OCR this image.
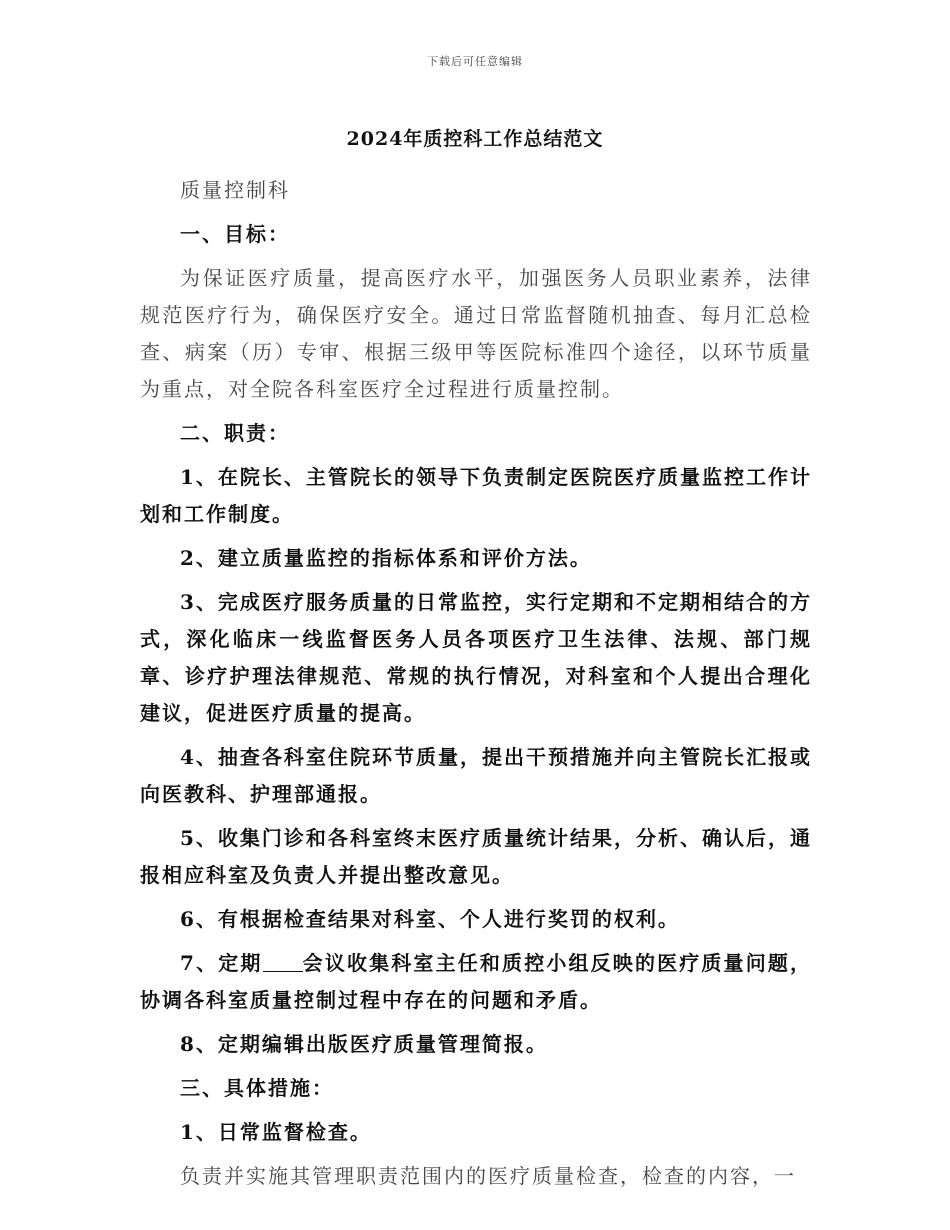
下载后可任意编辑
2024年质控科工作总结范文

质量控制科

一、目标：

为保证医疗质量，提高医疗水平，加强医务人员职业素养，法律规范医疗行为，确保医疗安全。通过日常监督随机抽查、每月汇总检查、病案（历）专审、根据三级甲等医院标准四个途径，以环节质量为重点，对全院各科室医疗全过程进行质量控制。

二、职责：

1、在院长、主管院长的领导下负责制定医院医疗质量监控工作计划和工作制度。

2、建立质量监控的指标体系和评价方法。

3、完成医疗服务质量的日常监控，实行定期和不定期相结合的方式，深化临床一线监督医务人员各项医疗卫生法律、法规、部门规章、诊疗护理法律规范、常规的执行情况，对科室和个人提出合理化建议，促进医疗质量的提高。

4、抽查各科室住院环节质量，提出干预措施并向主管院长汇报或向医教科、护理部通报。

5、收集门诊和各科室终末医疗质量统计结果，分析、确认后，通报相应科室及负责人并提出整改意见。

6、有根据检查结果对科室、个人进行奖罚的权利。

7、定期 会议收集科室主任和质控小组反映的医疗质量问题，协调各科室质量控制过程中存在的问题和矛盾。

8、定期编辑出版医疗质量管理简报。

三、具体措施：

1、日常监督检查。

负责并实施其管理职责范围内的医疗质量检查，检查的内容，一
